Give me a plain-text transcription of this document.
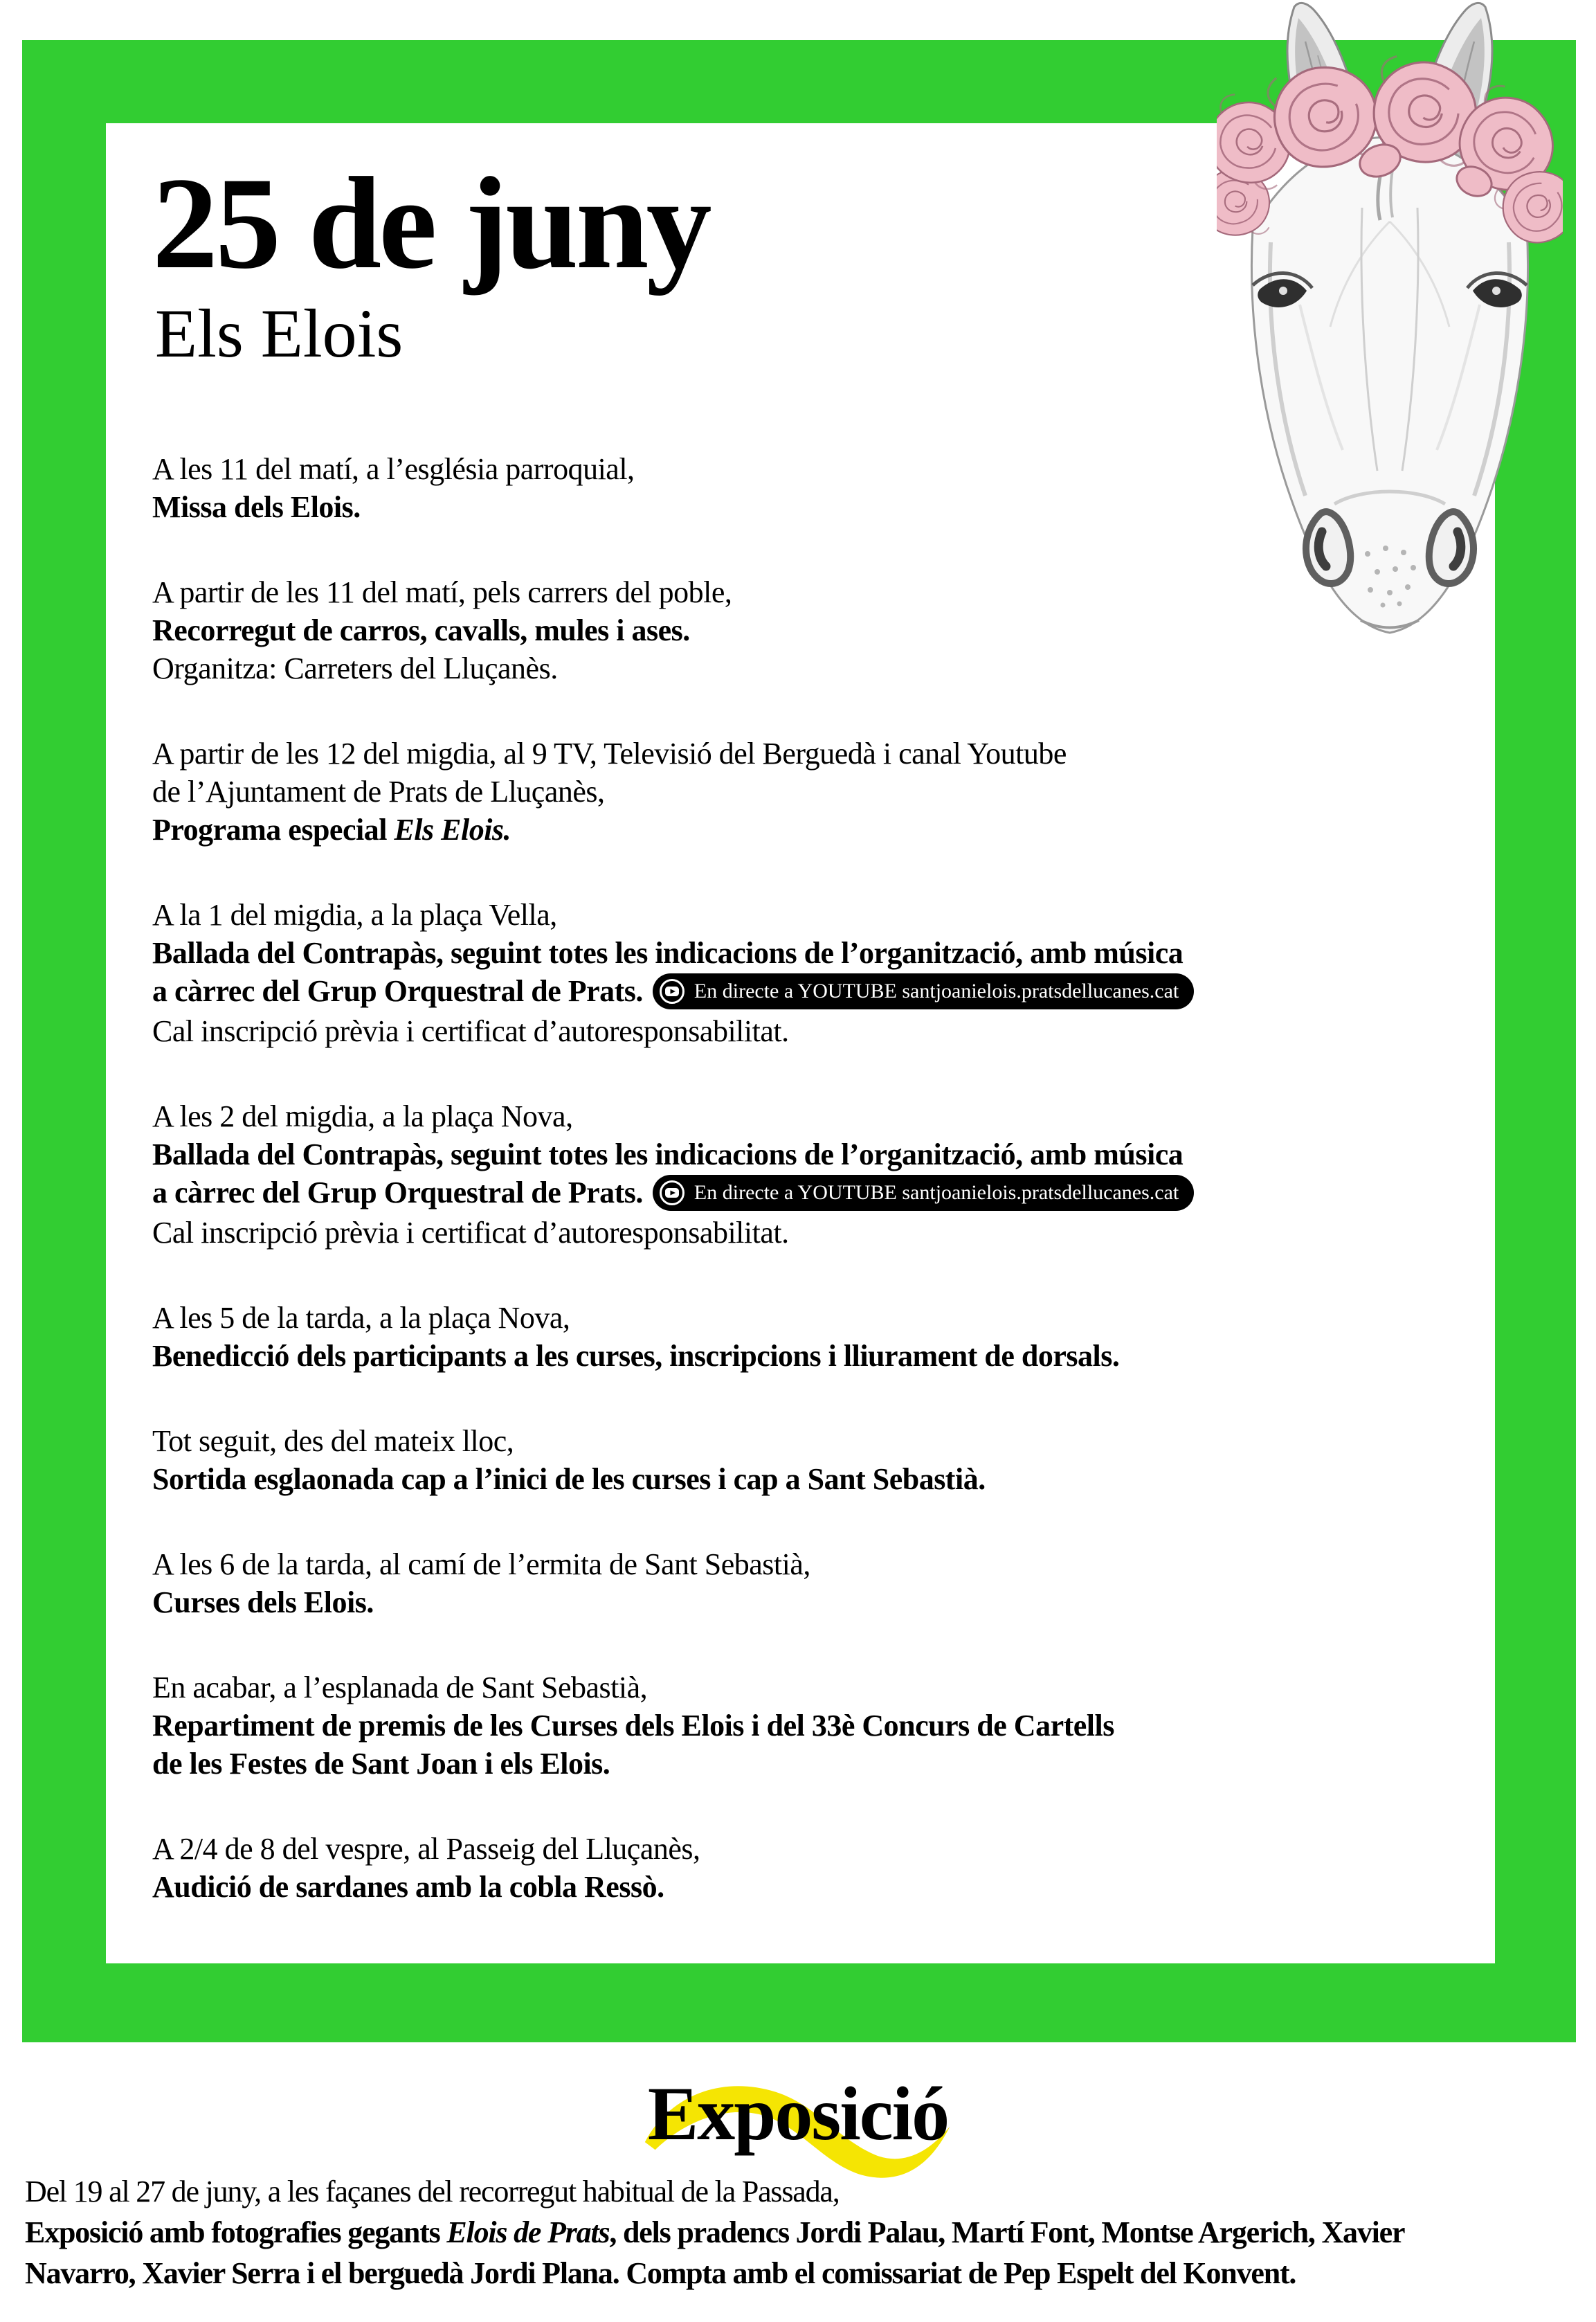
25 de juny
Els Elois
A les 11 del matí, a l’església parroquial,
Missa dels Elois.
A partir de les 11 del matí, pels carrers del poble,
Recorregut de carros, cavalls, mules i ases.
Organitza: Carreters del Lluçanès.
A partir de les 12 del migdia, al 9 TV, Televisió del Berguedà i canal Youtube
de l’Ajuntament de Prats de Lluçanès,
Programa especial Els Elois.
A la 1 del migdia, a la plaça Vella,
Ballada del Contrapàs, seguint totes les indicacions de l’organització, amb música
a càrrec del Grup Orquestral de Prats. En directe a YOUTUBE santjoanielois.pratsdellucanes.cat
Cal inscripció prèvia i certificat d’autoresponsabilitat.
A les 2 del migdia, a la plaça Nova,
Ballada del Contrapàs, seguint totes les indicacions de l’organització, amb música
a càrrec del Grup Orquestral de Prats. En directe a YOUTUBE santjoanielois.pratsdellucanes.cat
Cal inscripció prèvia i certificat d’autoresponsabilitat.
A les 5 de la tarda, a la plaça Nova,
Benedicció dels participants a les curses, inscripcions i lliurament de dorsals.
Tot seguit, des del mateix lloc,
Sortida esglaonada cap a l’inici de les curses i cap a Sant Sebastià.
A les 6 de la tarda, al camí de l’ermita de Sant Sebastià,
Curses dels Elois.
En acabar, a l’esplanada de Sant Sebastià,
Repartiment de premis de les Curses dels Elois i del 33è Concurs de Cartells
de les Festes de Sant Joan i els Elois.
A 2/4 de 8 del vespre, al Passeig del Lluçanès,
Audició de sardanes amb la cobla Ressò.
Exposició
Del 19 al 27 de juny, a les façanes del recorregut habitual de la Passada,
Exposició amb fotografies gegants Elois de Prats, dels pradencs Jordi Palau, Martí Font, Montse Argerich, Xavier
Navarro, Xavier Serra i el berguedà Jordi Plana. Compta amb el comissariat de Pep Espelt del Konvent.
